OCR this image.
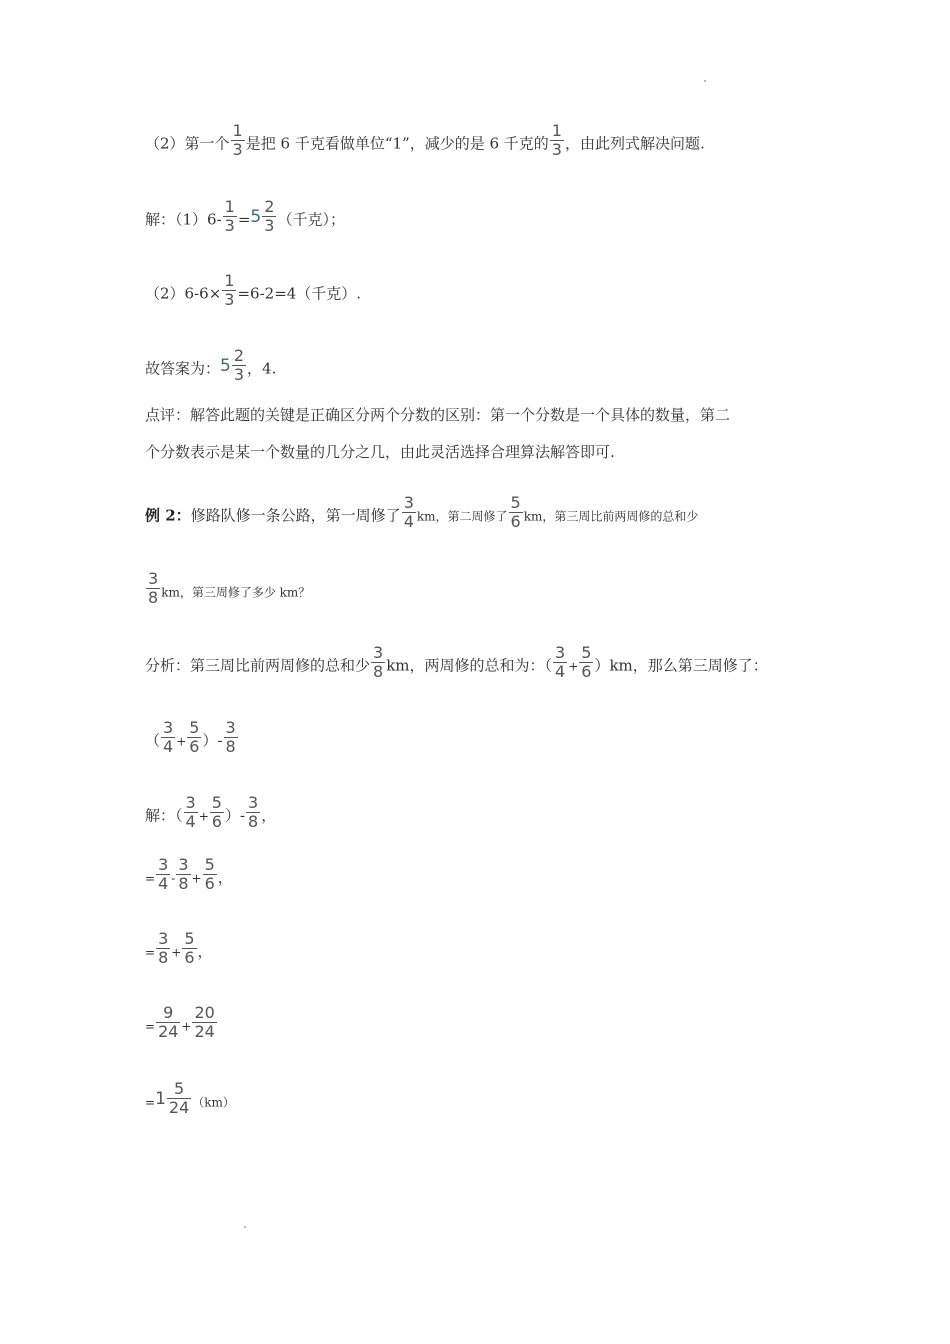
（2）第一个 $\frac{1}{3}$ 是把 6 千克看做单位“1”，减少的是 6 千克的 $\frac{1}{3}$ ，由此列式解决问题.
解：$(1)6- \frac{1}{3} =5 \frac{2}{3}$ （千克）；
$(2)6-6\times \frac{1}{3} =6-2=4$（千克）.
故答案为：$5 \frac{2}{3}$ ，4.
点评：解答此题的关键是正确区分两个分数的区别：第一个分数是一个具体的数量，第二
个分数表示是某一个数量的几分之几，由此灵活选择合理算法解答即可.
例 2：修路队修一条公路，第一周修了 $\frac{3}{4}$ km，第二周修了 $\frac{5}{6}$ km，第三周比前两周修的总和少
$\frac{3}{8}$ km，第三周修了多少 km？
分析：第三周比前两周修的总和少 $\frac{3}{8}$ km，两周修的总和为：（ $\frac{3}{4} + \frac{5}{6} )km$，那么第三周修了：
（ $\frac{3}{4} + \frac{5}{6}$ ）- $\frac{3}{8}$
解：（ $\frac{3}{4} + \frac{5}{6}$ ）- $\frac{3}{8}$ ，
= $\frac{3}{4} - \frac{3}{8} + \frac{5}{6}$ ，
= $\frac{3}{8} + \frac{5}{6}$ ，
= $\frac{9}{24} + \frac{20}{24}$
$=1 \frac{5}{24} (km)$
